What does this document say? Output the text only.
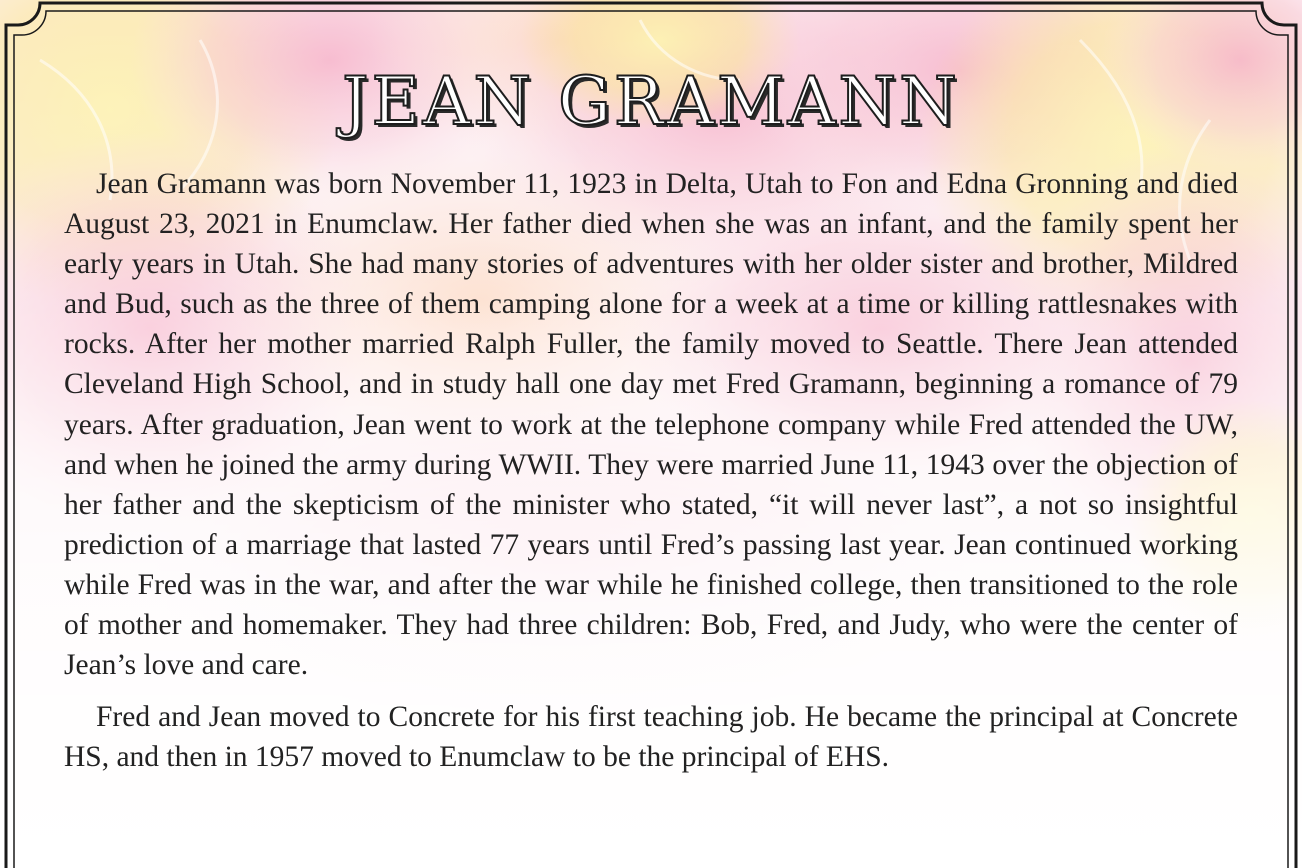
JEAN GRAMANN

Jean Gramann was born November 11, 1923 in Delta, Utah to Fon and Edna Gronning and died August 23, 2021 in Enumclaw. Her father died when she was an infant, and the family spent her early years in Utah. She had many stories of adventures with her older sister and brother, Mildred and Bud, such as the three of them camping alone for a week at a time or killing rattlesnakes with rocks. After her mother married Ralph Fuller, the family moved to Seattle. There Jean attended Cleveland High School, and in study hall one day met Fred Gramann, beginning a romance of 79 years. After graduation, Jean went to work at the telephone company while Fred attended the UW, and when he joined the army during WWII. They were married June 11, 1943 over the objection of her father and the skepticism of the minister who stated, “it will never last”, a not so insightful prediction of a marriage that lasted 77 years until Fred’s passing last year. Jean continued working while Fred was in the war, and after the war while he finished college, then transitioned to the role of mother and homemaker. They had three children: Bob, Fred, and Judy, who were the center of Jean’s love and care.

Fred and Jean moved to Concrete for his first teaching job. He became the principal at Concrete HS, and then in 1957 moved to Enumclaw to be the principal of EHS.
